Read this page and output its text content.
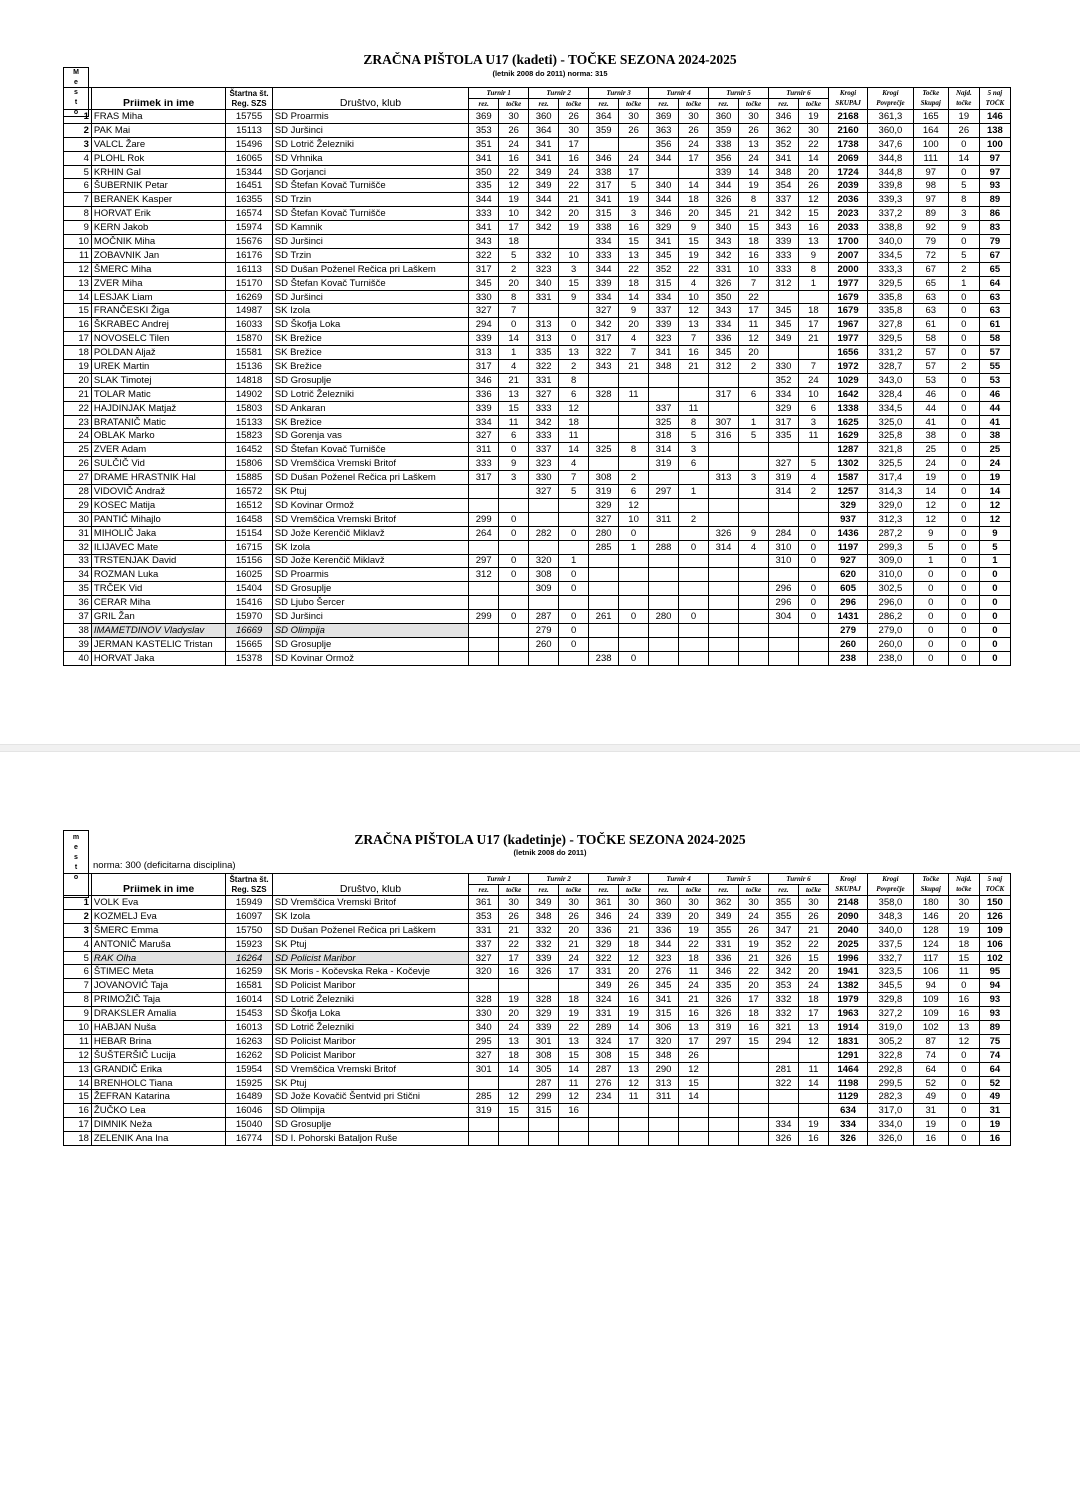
ZRAČNA PIŠTOLA U17 (kadeti) - TOČKE SEZONA 2024-2025
(letnik 2008 do 2011) norma: 315
M e s t o
		Štartna št.		Turnir 1		Turnir 2		Turnir 3		Turnir 4		Turnir 5		Turnir 6		Krogi	Krogi	Točke	Najd.	5 naj
	Priimek in ime	Reg. SZS	Društvo, klub	rez.	točke	rez.	točke	rez.	točke	rez.	točke	rez.	točke	rez.	točke	SKUPAJ	Povprečje	Skupaj	točke	TOČK
1	FRAS Miha	15755	SD Proarmis	369	30	360	26	364	30	369	30	360	30	346	19	2168	361,3	165	19	146
2	PAK Mai	15113	SD Juršinci	353	26	364	30	359	26	363	26	359	26	362	30	2160	360,0	164	26	138
3	VALCL Žare	15496	SD Lotrič Železniki	351	24	341	17			356	24	338	13	352	22	1738	347,6	100	0	100
4	PLOHL Rok	16065	SD Vrhnika	341	16	341	16	346	24	344	17	356	24	341	14	2069	344,8	111	14	97
5	KRHIN Gal	15344	SD Gorjanci	350	22	349	24	338	17			339	14	348	20	1724	344,8	97	0	97
6	ŠUBERNIK Petar	16451	SD Štefan Kovač Turnišče	335	12	349	22	317	5	340	14	344	19	354	26	2039	339,8	98	5	93
7	BERANEK Kasper	16355	SD Trzin	344	19	344	21	341	19	344	18	326	8	337	12	2036	339,3	97	8	89
8	HORVAT Erik	16574	SD Štefan Kovač Turnišče	333	10	342	20	315	3	346	20	345	21	342	15	2023	337,2	89	3	86
9	KERN Jakob	15974	SD Kamnik	341	17	342	19	338	16	329	9	340	15	343	16	2033	338,8	92	9	83
10	MOČNIK Miha	15676	SD Juršinci	343	18			334	15	341	15	343	18	339	13	1700	340,0	79	0	79
11	ZOBAVNIK Jan	16176	SD Trzin	322	5	332	10	333	13	345	19	342	16	333	9	2007	334,5	72	5	67
12	ŠMERC Miha	16113	SD Dušan Poženel Rečica pri Laškem	317	2	323	3	344	22	352	22	331	10	333	8	2000	333,3	67	2	65
13	ZVER Miha	15170	SD Štefan Kovač Turnišče	345	20	340	15	339	18	315	4	326	7	312	1	1977	329,5	65	1	64
14	LESJAK Liam	16269	SD Juršinci	330	8	331	9	334	14	334	10	350	22			1679	335,8	63	0	63
15	FRANČESKI Žiga	14987	SK Izola	327	7			327	9	337	12	343	17	345	18	1679	335,8	63	0	63
16	ŠKRABEC Andrej	16033	SD Škofja Loka	294	0	313	0	342	20	339	13	334	11	345	17	1967	327,8	61	0	61
17	NOVOSELC Tilen	15870	SK Brežice	339	14	313	0	317	4	323	7	336	12	349	21	1977	329,5	58	0	58
18	POLDAN Aljaž	15581	SK Brežice	313	1	335	13	322	7	341	16	345	20			1656	331,2	57	0	57
19	UREK Martin	15136	SK Brežice	317	4	322	2	343	21	348	21	312	2	330	7	1972	328,7	57	2	55
20	SLAK Timotej	14818	SD Grosuplje	346	21	331	8							352	24	1029	343,0	53	0	53
21	TOLAR Matic	14902	SD Lotrič Železniki	336	13	327	6	328	11			317	6	334	10	1642	328,4	46	0	46
22	HAJDINJAK Matjaž	15803	SD Ankaran	339	15	333	12			337	11			329	6	1338	334,5	44	0	44
23	BRATANIČ Matic	15133	SK Brežice	334	11	342	18			325	8	307	1	317	3	1625	325,0	41	0	41
24	OBLAK Marko	15823	SD Gorenja vas	327	6	333	11			318	5	316	5	335	11	1629	325,8	38	0	38
25	ZVER Adam	16452	SD Štefan Kovač Turnišče	311	0	337	14	325	8	314	3					1287	321,8	25	0	25
26	SULČIČ Vid	15806	SD Vremščica Vremski Britof	333	9	323	4			319	6			327	5	1302	325,5	24	0	24
27	DRAME HRASTNIK Hal	15885	SD Dušan Poženel Rečica pri Laškem	317	3	330	7	308	2			313	3	319	4	1587	317,4	19	0	19
28	VIDOVIČ Andraž	16572	SK Ptuj			327	5	319	6	297	1			314	2	1257	314,3	14	0	14
29	KOSEC Matija	16512	SD Kovinar Ormož					329	12							329	329,0	12	0	12
30	PANTIĆ Mihajlo	16458	SD Vremščica Vremski Britof	299	0			327	10	311	2					937	312,3	12	0	12
31	MIHOLIČ Jaka	15154	SD Jože Kerenčič Miklavž	264	0	282	0	280	0			326	9	284	0	1436	287,2	9	0	9
32	ILIJAVEC Mate	16715	SK Izola					285	1	288	0	314	4	310	0	1197	299,3	5	0	5
33	TRSTENJAK David	15156	SD Jože Kerenčič Miklavž	297	0	320	1							310	0	927	309,0	1	0	1
34	ROZMAN Luka	16025	SD Proarmis	312	0	308	0									620	310,0	0	0	0
35	TRČEK Vid	15404	SD Grosuplje			309	0							296	0	605	302,5	0	0	0
36	CERAR Miha	15416	SD Ljubo Šercer											296	0	296	296,0	0	0	0
37	GRIL Žan	15970	SD Juršinci	299	0	287	0	261	0	280	0			304	0	1431	286,2	0	0	0
38	IMAMETDINOV Vladyslav	16669	SD Olimpija			279	0									279	279,0	0	0	0
39	JERMAN KASTELIC Tristan	15665	SD Grosuplje			260	0									260	260,0	0	0	0
40	HORVAT Jaka	15378	SD Kovinar Ormož					238	0							238	238,0	0	0	0
ZRAČNA PIŠTOLA U17 (kadetinje) - TOČKE SEZONA 2024-2025
(letnik 2008 do 2011)
m e s t o
norma: 300 (deficitarna disciplina)
		Štartna št.		Turnir 1		Turnir 2		Turnir 3		Turnir 4		Turnir 5		Turnir 6		Krogi	Krogi	Točke	Najd.	5 naj
	Priimek in ime	Reg. SZS	Društvo, klub	rez.	točke	rez.	točke	rez.	točke	rez.	točke	rez.	točke	rez.	točke	SKUPAJ	Povprečje	Skupaj	točke	TOČK
1	VOLK Eva	15949	SD Vremščica Vremski Britof	361	30	349	30	361	30	360	30	362	30	355	30	2148	358,0	180	30	150
2	KOZMELJ Eva	16097	SK Izola	353	26	348	26	346	24	339	20	349	24	355	26	2090	348,3	146	20	126
3	ŠMERC Emma	15750	SD Dušan Poženel Rečica pri Laškem	331	21	332	20	336	21	336	19	355	26	347	21	2040	340,0	128	19	109
4	ANTONIČ Maruša	15923	SK Ptuj	337	22	332	21	329	18	344	22	331	19	352	22	2025	337,5	124	18	106
5	RAK Olha	16264	SD Policist Maribor	327	17	339	24	322	12	323	18	336	21	326	15	1996	332,7	117	15	102
6	ŠTIMEC Meta	16259	SK Moris - Kočevska Reka - Kočevje	320	16	326	17	331	20	276	11	346	22	342	20	1941	323,5	106	11	95
7	JOVANOVIĆ Taja	16581	SD Policist Maribor					349	26	345	24	335	20	353	24	1382	345,5	94	0	94
8	PRIMOŽIČ Taja	16014	SD Lotrič Železniki	328	19	328	18	324	16	341	21	326	17	332	18	1979	329,8	109	16	93
9	DRAKSLER Amalia	15453	SD Škofja Loka	330	20	329	19	331	19	315	16	326	18	332	17	1963	327,2	109	16	93
10	HABJAN Nuša	16013	SD Lotrič Železniki	340	24	339	22	289	14	306	13	319	16	321	13	1914	319,0	102	13	89
11	HEBAR Brina	16263	SD Policist Maribor	295	13	301	13	324	17	320	17	297	15	294	12	1831	305,2	87	12	75
12	ŠUŠTERŠIČ Lucija	16262	SD Policist Maribor	327	18	308	15	308	15	348	26					1291	322,8	74	0	74
13	GRANDIČ Erika	15954	SD Vremščica Vremski Britof	301	14	305	14	287	13	290	12			281	11	1464	292,8	64	0	64
14	BRENHOLC Tiana	15925	SK Ptuj			287	11	276	12	313	15			322	14	1198	299,5	52	0	52
15	ŽEFRAN Katarina	16489	SD Jože Kovačič Šentvid pri Stični	285	12	299	12	234	11	311	14					1129	282,3	49	0	49
16	ŽUČKO Lea	16046	SD Olimpija	319	15	315	16									634	317,0	31	0	31
17	DIMNIK Neža	15040	SD Grosuplje											334	19	334	334,0	19	0	19
18	ZELENIK Ana Ina	16774	SD I. Pohorski Bataljon Ruše											326	16	326	326,0	16	0	16
